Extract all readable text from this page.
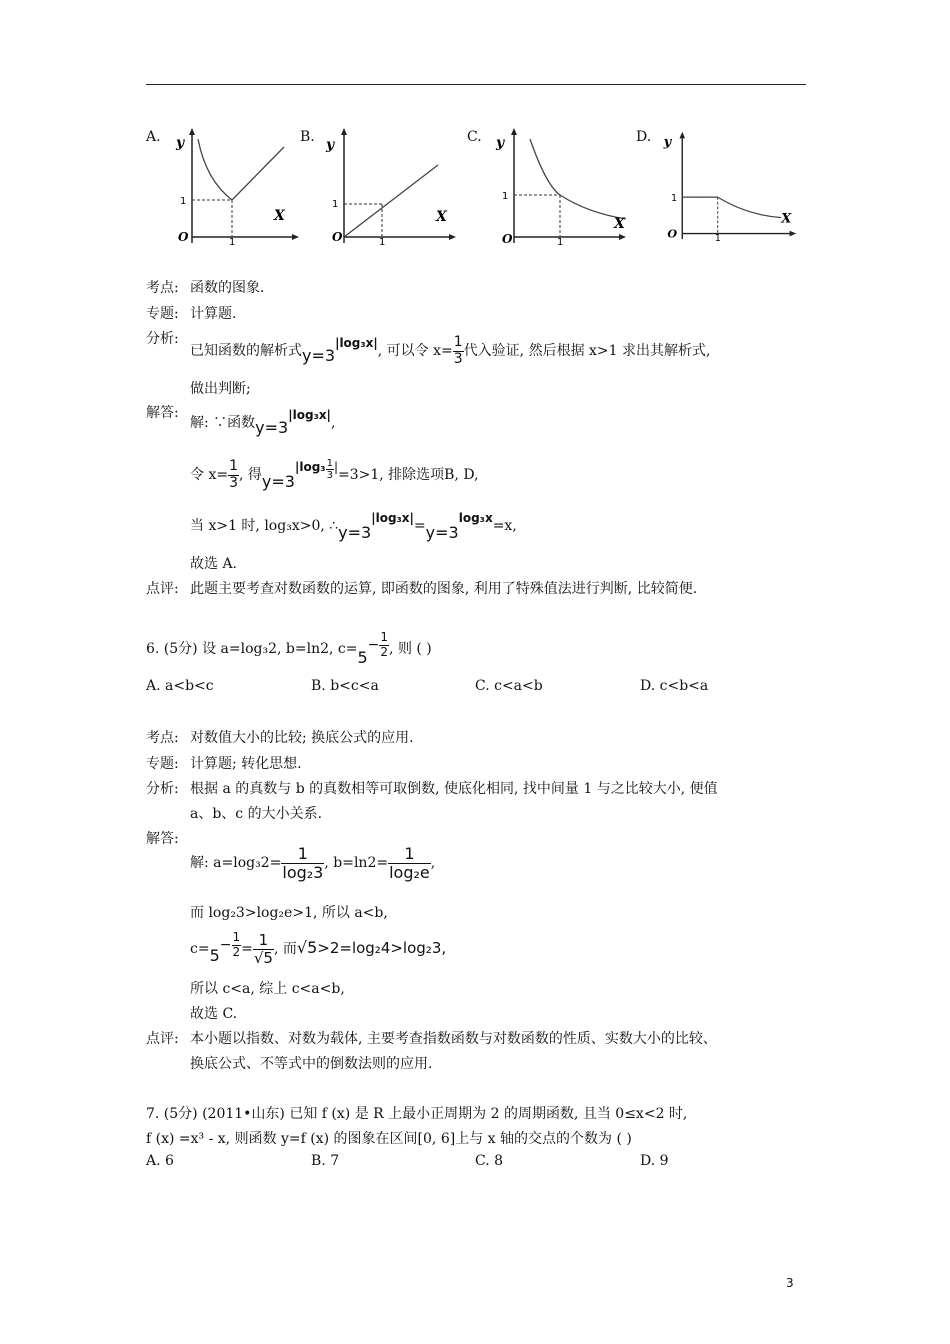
A. y
X
1
1
O
B. y
X
1
1
O
C. y
X
1
1
O
D. y
X
1
1
O
考点: 函数的图象.
专题: 计算题.
分析:
已知函数的解析式y=3|log₃x|, 可以令 $x= \frac{1}{3}$ 代入验证, 然后根据 x>1 求出其解析式,
做出判断;
解答:
解: ∵函数y=3|log₃x|,
令 $x= \frac{1}{3}$ , 得$y=3|\log_3 \frac{1}{3} |=3>1$, 排除选项B, D,
当 x>1 时, log₃x>0, ∴y=3|log₃x|=y=3log₃x=x,
故选 A.
点评: 此题主要考查对数函数的运算, 即函数的图象, 利用了特殊值法进行判断, 比较简便.
6. (5分) 设 a=log₃2, b=ln2, $c=5- \frac{1}{2}$ , 则 ( )
A. a<b<c	B. b<c<a	C. c<a<b	D. c<b<a
考点: 对数值大小的比较; 换底公式的应用.
专题: 计算题; 转化思想.
分析: 根据 a 的真数与 b 的真数相等可取倒数, 使底化相同, 找中间量 1 与之比较大小, 便值
a、b、c 的大小关系.
解答:
解: $a=\log_32= \frac{1}{\text{log₂3}}$ , $b=\ln 2= \frac{1}{\text{log₂e}}$ ,
而 log₂3>log₂e>1, 所以 a<b,
$c=5- \frac{1}{2} = \frac{1}{√5}$ , 而√5>2=log₂4>log₂3,
所以 c<a, 综上 c<a<b,
故选 C.
点评: 本小题以指数、对数为载体, 主要考查指数函数与对数函数的性质、实数大小的比较、
换底公式、不等式中的倒数法则的应用.
7. (5分) (2011•山东) 已知 f (x) 是 R 上最小正周期为 2 的周期函数, 且当 0≤x<2 时,
f (x) =x³ - x, 则函数 y=f (x) 的图象在区间[0, 6]上与 x 轴的交点的个数为 ( )
A. 6	B. 7	C. 8	D. 9
3
